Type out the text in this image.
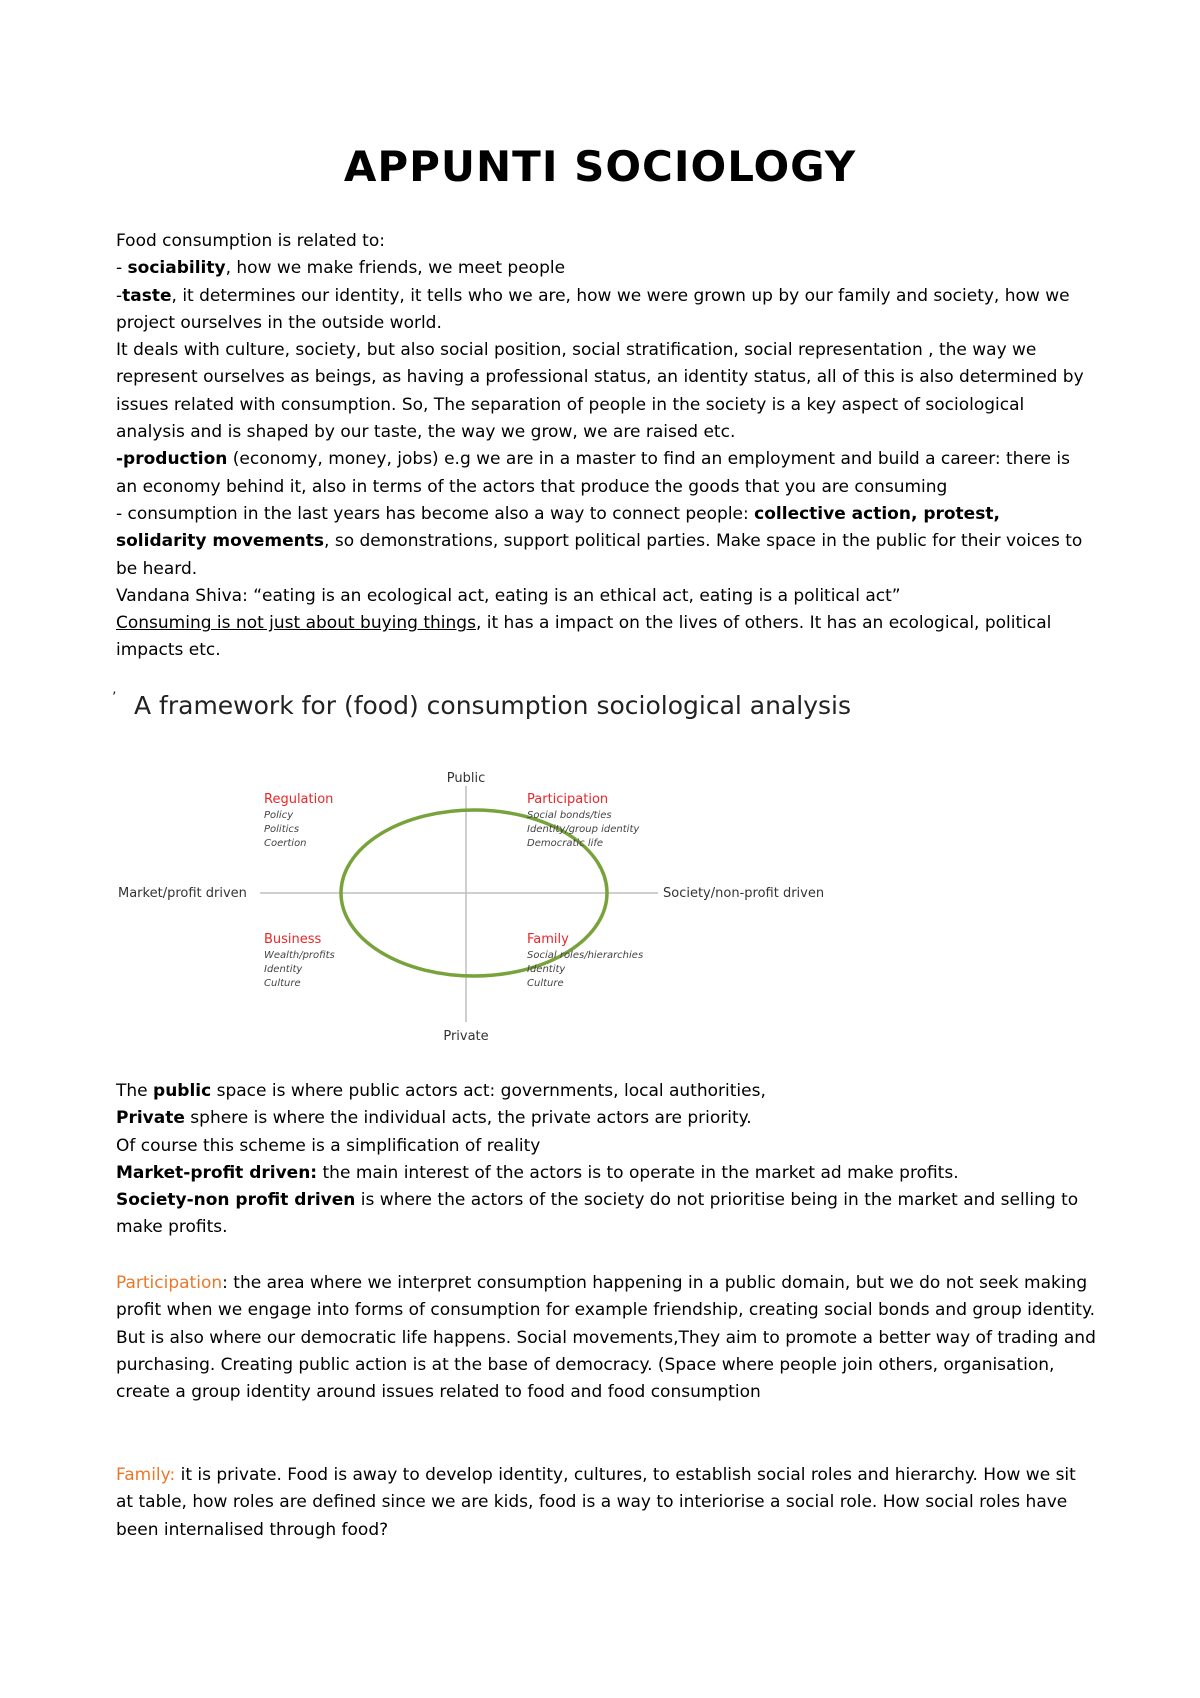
APPUNTI SOCIOLOGY

Food consumption is related to:

- sociability, how we make friends, we meet people

-taste, it determines our identity, it tells who we are, how we were grown up by our family and society, how we project ourselves in the outside world.

It deals with culture, society, but also social position, social stratification, social representation , the way we represent ourselves as beings, as having a professional status, an identity status, all of this is also determined by issues related with consumption. So, The separation of people in the society is a key aspect of sociological analysis and is shaped by our taste, the way we grow, we are raised etc.

-production (economy, money, jobs) e.g we are in a master to find an employment and build a career: there is an economy behind it, also in terms of the actors that produce the goods that you are consuming

- consumption in the last years has become also a way to connect people: collective action, protest, solidarity movements, so demonstrations, support political parties. Make space in the public for their voices to be heard.

Vandana Shiva: “eating is an ecological act, eating is an ethical act, eating is a political act”

Consuming is not just about buying things, it has a impact on the lives of others. It has an ecological, political impacts etc.

’ A framework for (food) consumption sociological analysis
Public
Private
Market/profit driven	Society/non-profit driven
Regulation
Policy
Politics
Coertion
Participation
Social bonds/ties
Identity/group identity
Democratic life
Business
Wealth/profits
Identity
Culture
Family
Social roles/hierarchies
Identity
Culture

The public space is where public actors act: governments, local authorities,

Private sphere is where the individual acts, the private actors are priority.

Of course this scheme is a simplification of reality

Market-profit driven: the main interest of the actors is to operate in the market ad make profits.

Society-non profit driven is where the actors of the society do not prioritise being in the market and selling to make profits.

Participation: the area where we interpret consumption happening in a public domain, but we do not seek making profit when we engage into forms of consumption for example friendship, creating social bonds and group identity. But is also where our democratic life happens. Social movements,They aim to promote a better way of trading and purchasing. Creating public action is at the base of democracy. (Space where people join others, organisation, create a group identity around issues related to food and food consumption

Family: it is private. Food is away to develop identity, cultures, to establish social roles and hierarchy. How we sit at table, how roles are defined since we are kids, food is a way to interiorise a social role. How social roles have been internalised through food?
